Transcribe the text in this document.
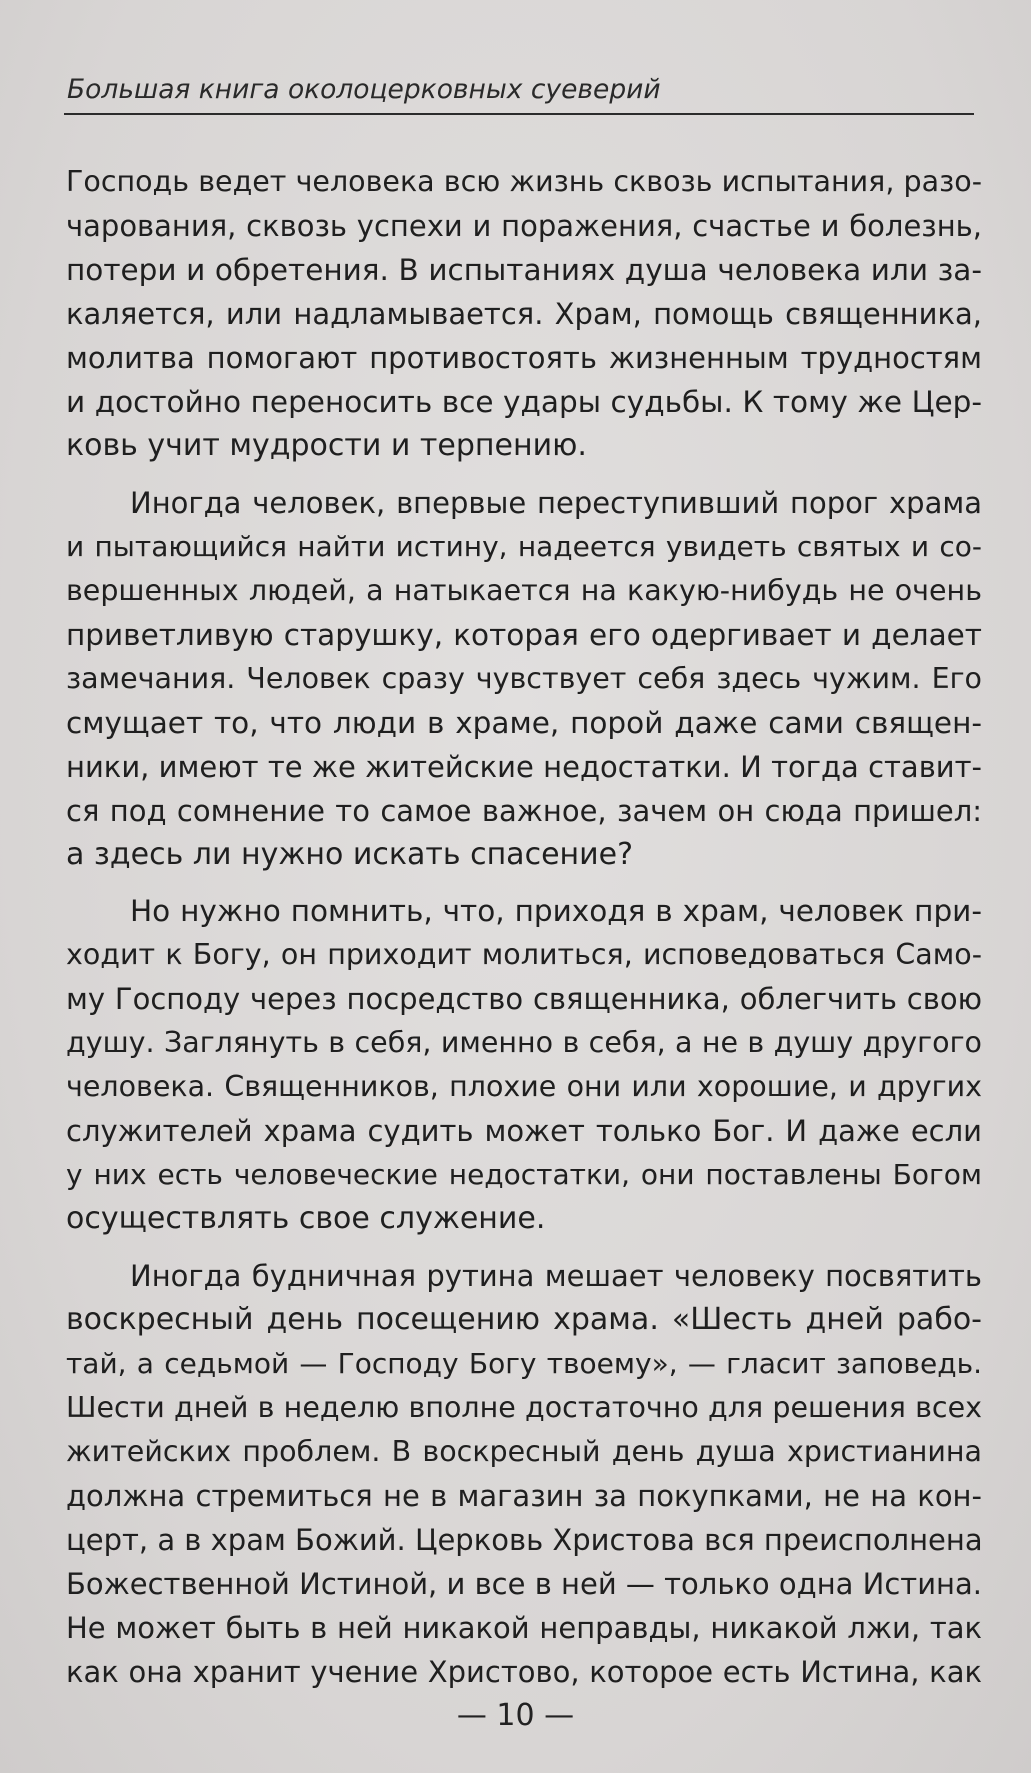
Большая книга околоцерковных суеверий
Господь ведет человека всю жизнь сквозь испытания, разо-
чарования, сквозь успехи и поражения, счастье и болезнь,
потери и обретения. В испытаниях душа человека или за-
каляется, или надламывается. Храм, помощь священника,
молитва помогают противостоять жизненным трудностям
и достойно переносить все удары судьбы. К тому же Цер-
ковь учит мудрости и терпению.
Иногда человек, впервые переступивший порог храма
и пытающийся найти истину, надеется увидеть святых и со-
вершенных людей, а натыкается на какую-нибудь не очень
приветливую старушку, которая его одергивает и делает
замечания. Человек сразу чувствует себя здесь чужим. Его
смущает то, что люди в храме, порой даже сами священ-
ники, имеют те же житейские недостатки. И тогда ставит-
ся под сомнение то самое важное, зачем он сюда пришел:
а здесь ли нужно искать спасение?
Но нужно помнить, что, приходя в храм, человек при-
ходит к Богу, он приходит молиться, исповедоваться Само-
му Господу через посредство священника, облегчить свою
душу. Заглянуть в себя, именно в себя, а не в душу другого
человека. Священников, плохие они или хорошие, и других
служителей храма судить может только Бог. И даже если
у них есть человеческие недостатки, они поставлены Богом
осуществлять свое служение.
Иногда будничная рутина мешает человеку посвятить
воскресный день посещению храма. «Шесть дней рабо-
тай, а седьмой — Господу Богу твоему», — гласит заповедь.
Шести дней в неделю вполне достаточно для решения всех
житейских проблем. В воскресный день душа христианина
должна стремиться не в магазин за покупками, не на кон-
церт, а в храм Божий. Церковь Христова вся преисполнена
Божественной Истиной, и все в ней — только одна Истина.
Не может быть в ней никакой неправды, никакой лжи, так
как она хранит учение Христово, которое есть Истина, как
— 10 —
